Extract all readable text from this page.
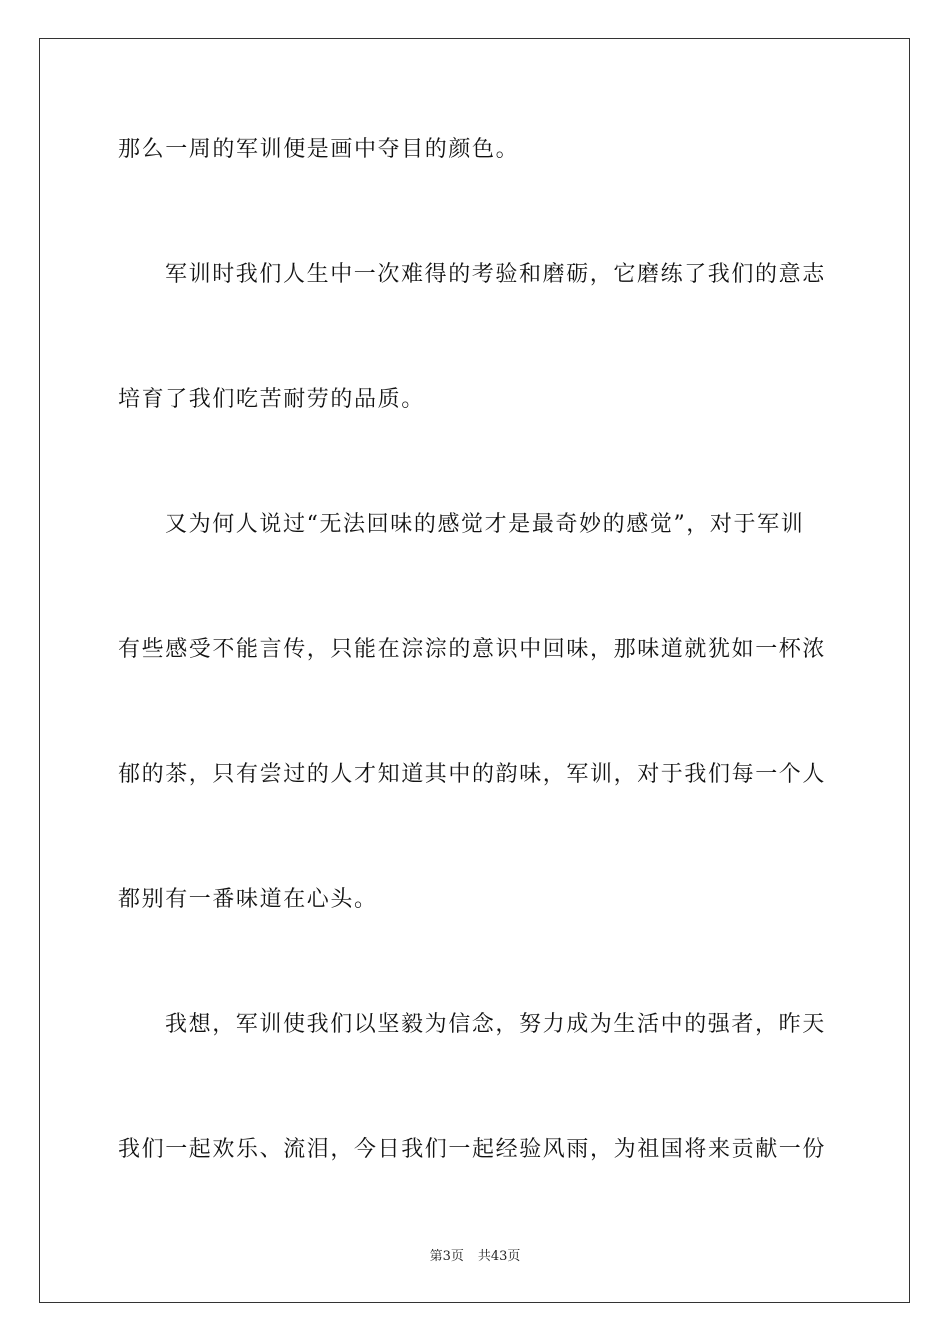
那么一周的军训便是画中夺目的颜色。
军训时我们人生中一次难得的考验和磨砺，它磨练了我们的意志
培育了我们吃苦耐劳的品质。
又为何人说过“无法回味的感觉才是最奇妙的感觉”，对于军训
有些感受不能言传，只能在淙淙的意识中回味，那味道就犹如一杯浓
郁的茶，只有尝过的人才知道其中的韵味，军训，对于我们每一个人
都别有一番味道在心头。
我想，军训使我们以坚毅为信念，努力成为生活中的强者，昨天
我们一起欢乐、流泪，今日我们一起经验风雨，为祖国将来贡献一份
第3页 共43页
